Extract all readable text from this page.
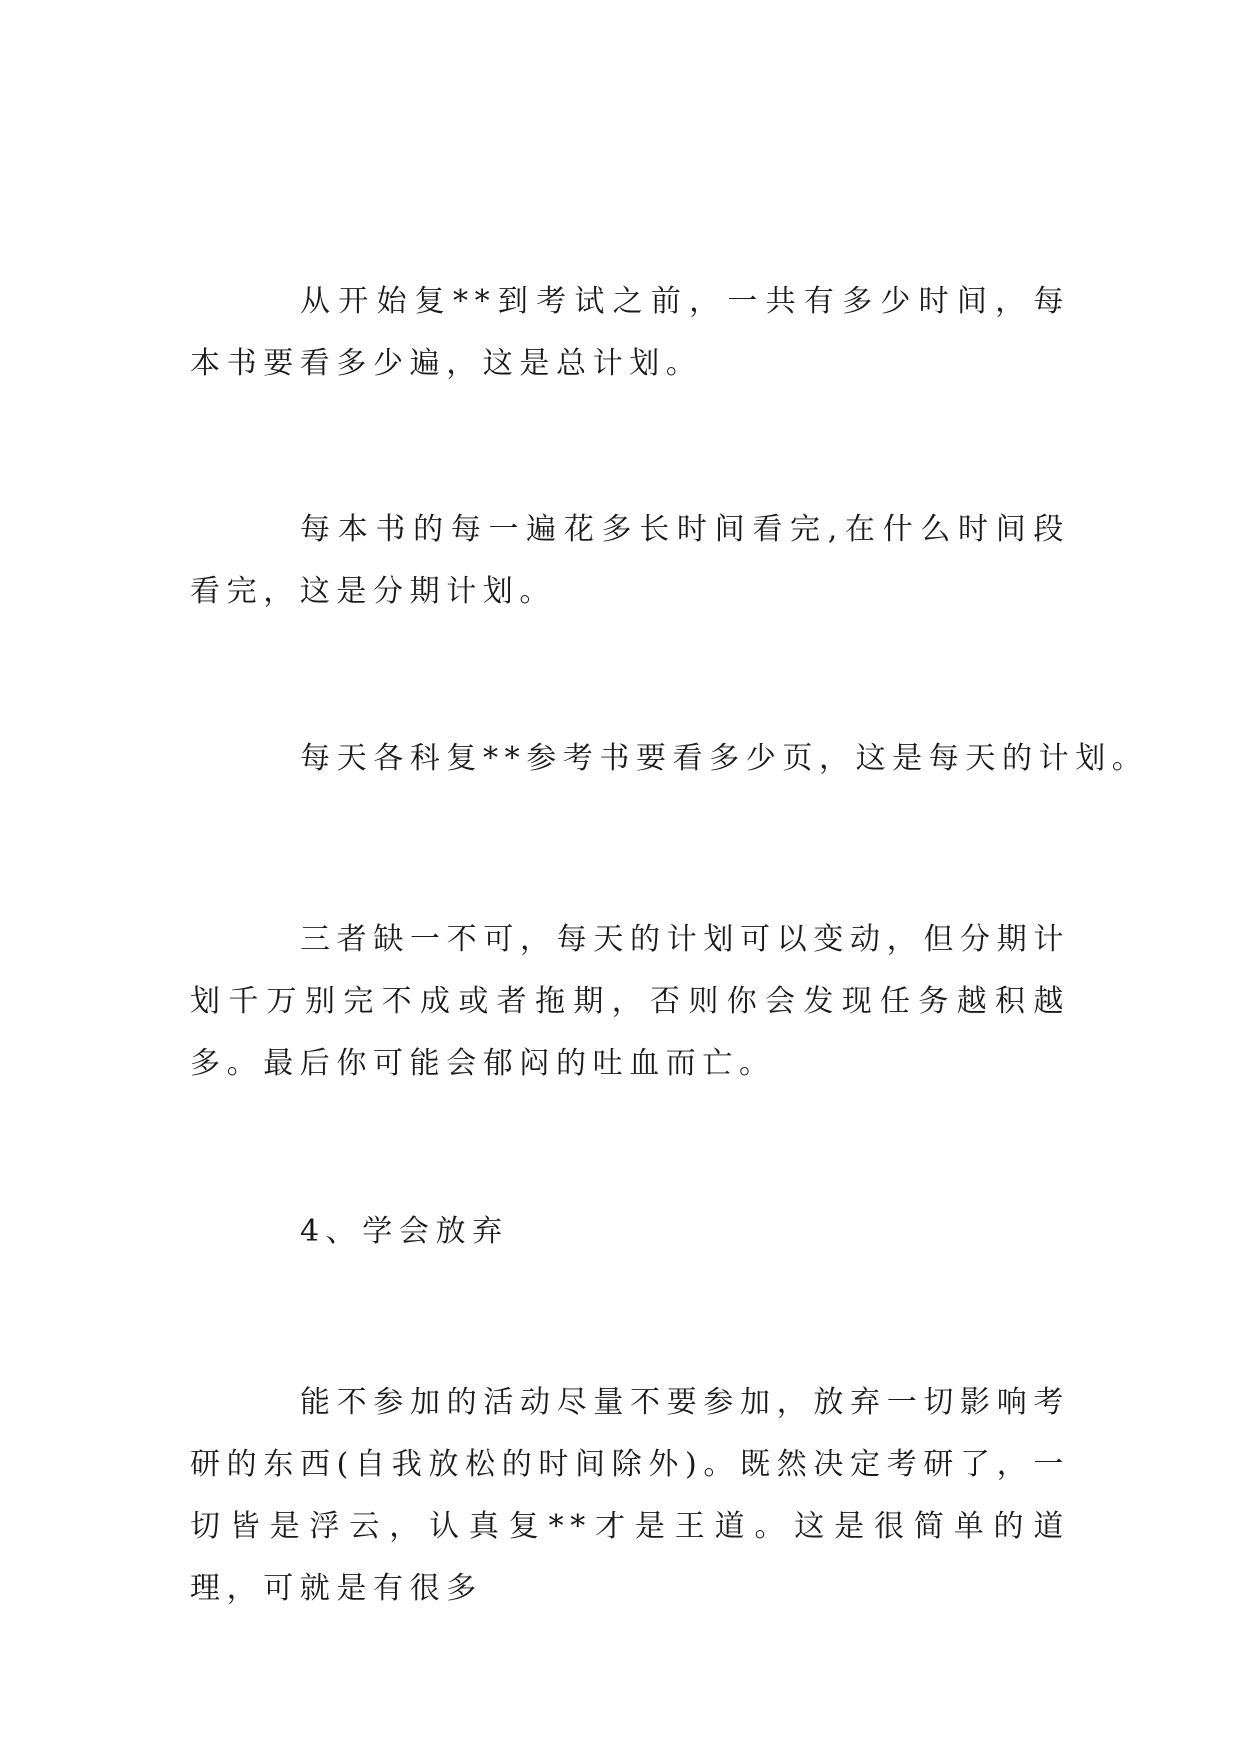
从开始复**到考试之前，一共有多少时间，每本书要看多少遍，这是总计划。

每本书的每一遍花多长时间看完,在什么时间段看完，这是分期计划。

每天各科复**参考书要看多少页，这是每天的计划。

三者缺一不可，每天的计划可以变动，但分期计划千万别完不成或者拖期，否则你会发现任务越积越多。最后你可能会郁闷的吐血而亡。

4、学会放弃

能不参加的活动尽量不要参加，放弃一切影响考研的东西(自我放松的时间除外)。既然决定考研了，一切皆是浮云，认真复**才是王道。这是很简单的道理，可就是有很多
